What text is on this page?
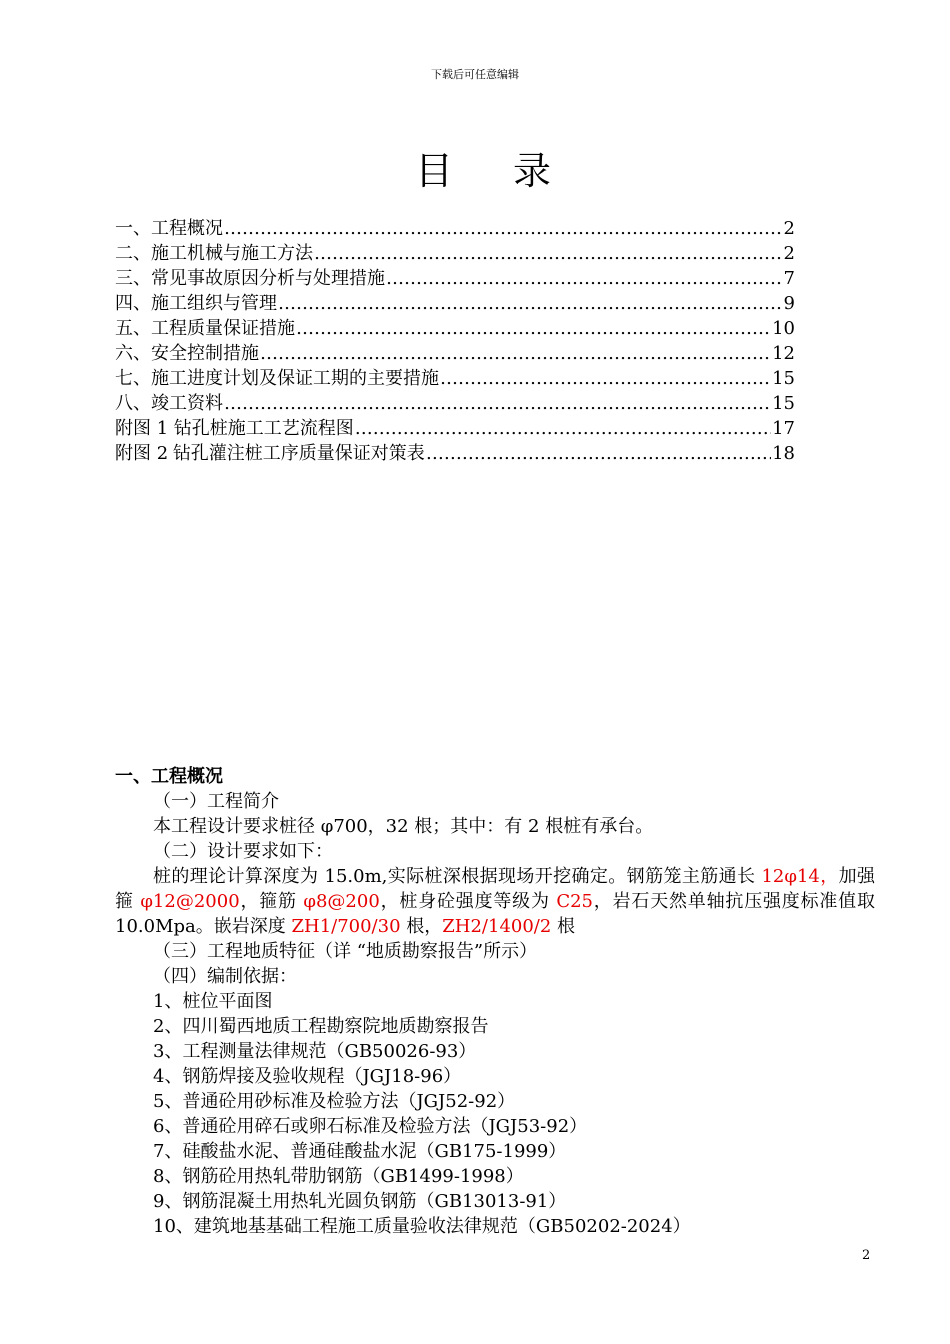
下载后可任意编辑
目 录
一、工程概况 …………………………………………………………………………………………………………………………………………………………	2
二、施工机械与施工方法 …………………………………………………………………………………………………………………………………………………………	2
三、常见事故原因分析与处理措施 …………………………………………………………………………………………………………………………………………………………	7
四、施工组织与管理 …………………………………………………………………………………………………………………………………………………………	9
五、工程质量保证措施 …………………………………………………………………………………………………………………………………………………………	10
六、安全控制措施 …………………………………………………………………………………………………………………………………………………………	12
七、施工进度计划及保证工期的主要措施 …………………………………………………………………………………………………………………………………………………………	15
八、竣工资料 …………………………………………………………………………………………………………………………………………………………	15
附图 1 钻孔桩施工工艺流程图 …………………………………………………………………………………………………………………………………………………………	17
附图 2 钻孔灌注桩工序质量保证对策表 …………………………………………………………………………………………………………………………………………………………	18
一、工程概况
（一）工程简介
本工程设计要求桩径 φ700，32 根；其中：有 2 根桩有承台。
（二）设计要求如下：
桩的理论计算深度为 15.0m,实际桩深根据现场开挖确定。钢筋笼主筋通长 12φ14，加强箍 φ12@2000，箍筋 φ8@200，桩身砼强度等级为 C25，岩石天然单轴抗压强度标准值取 10.0Mpa。嵌岩深度 ZH1/700/30 根，ZH2/1400/2 根
（三）工程地质特征（详 “地质勘察报告”所示）
（四）编制依据：
1、桩位平面图
2、四川蜀西地质工程勘察院地质勘察报告
3、工程测量法律规范（GB50026-93）
4、钢筋焊接及验收规程（JGJ18-96）
5、普通砼用砂标准及检验方法（JGJ52-92）
6、普通砼用碎石或卵石标准及检验方法（JGJ53-92）
7、硅酸盐水泥、普通硅酸盐水泥（GB175-1999）
8、钢筋砼用热轧带肋钢筋（GB1499-1998）
9、钢筋混凝土用热轧光圆负钢筋（GB13013-91）
10、建筑地基基础工程施工质量验收法律规范（GB50202-2024）
2
